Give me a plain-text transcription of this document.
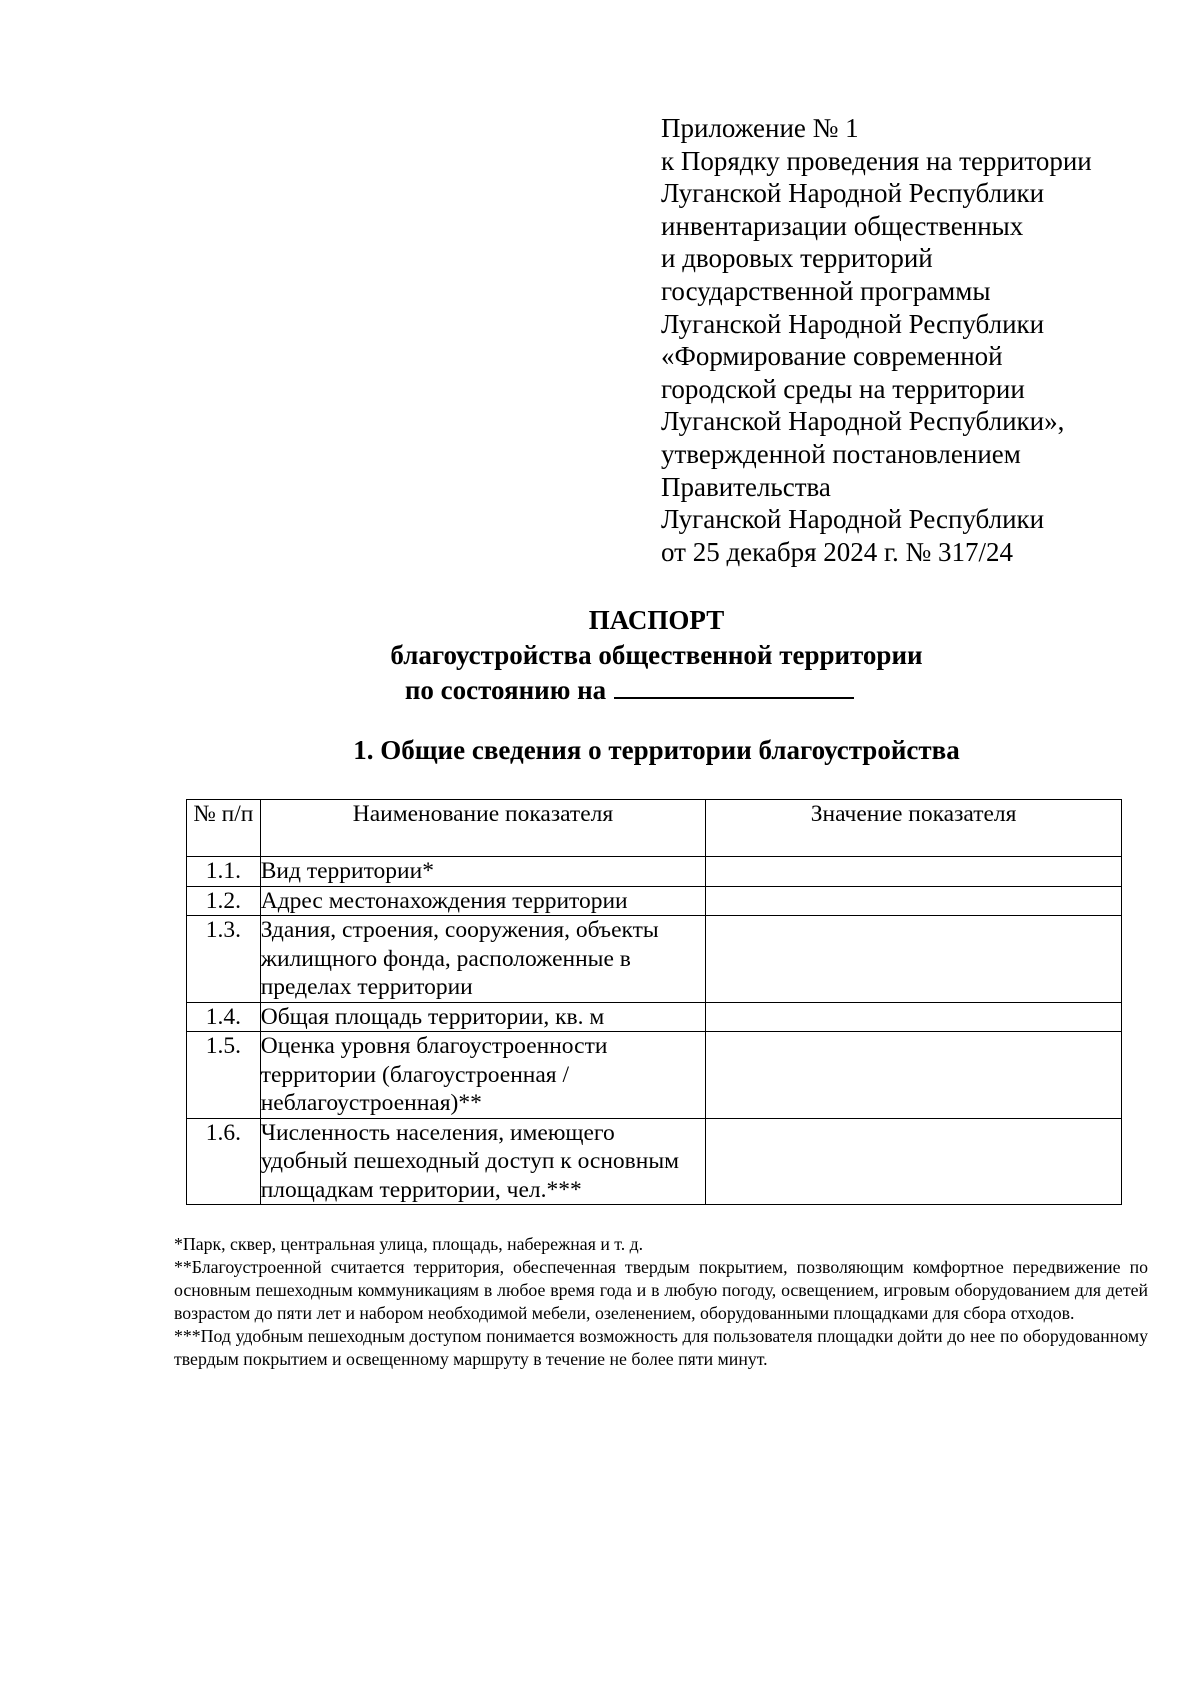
Приложение № 1
к Порядку проведения на территории
Луганской Народной Республики
инвентаризации общественных
и дворовых территорий
государственной программы
Луганской Народной Республики
«Формирование современной
городской среды на территории
Луганской Народной Республики»,
утвержденной постановлением
Правительства
Луганской Народной Республики
от 25 декабря 2024 г. № 317/24
ПАСПОРТ
благоустройства общественной территории
по состоянию на
1. Общие сведения о территории благоустройства
№ п/п	Наименование показателя	Значение показателя
1.1.	Вид территории*	
1.2.	Адрес местонахождения территории	
1.3.	Здания, строения, сооружения, объекты жилищного фонда, расположенные в пределах территории	
1.4.	Общая площадь территории, кв. м	
1.5.	Оценка уровня благоустроенности территории (благоустроенная / неблагоустроенная)**	
1.6.	Численность населения, имеющего удобный пешеходный доступ к основным площадкам территории, чел.***	

*Парк, сквер, центральная улица, площадь, набережная и т. д.

**Благоустроенной считается территория, обеспеченная твердым покрытием, позволяющим комфортное передвижение по основным пешеходным коммуникациям в любое время года и в любую погоду, освещением, игровым оборудованием для детей возрастом до пяти лет и набором необходимой мебели, озеленением, оборудованными площадками для сбора отходов.

***Под удобным пешеходным доступом понимается возможность для пользователя площадки дойти до нее по оборудованному твердым покрытием и освещенному маршруту в течение не более пяти минут.
